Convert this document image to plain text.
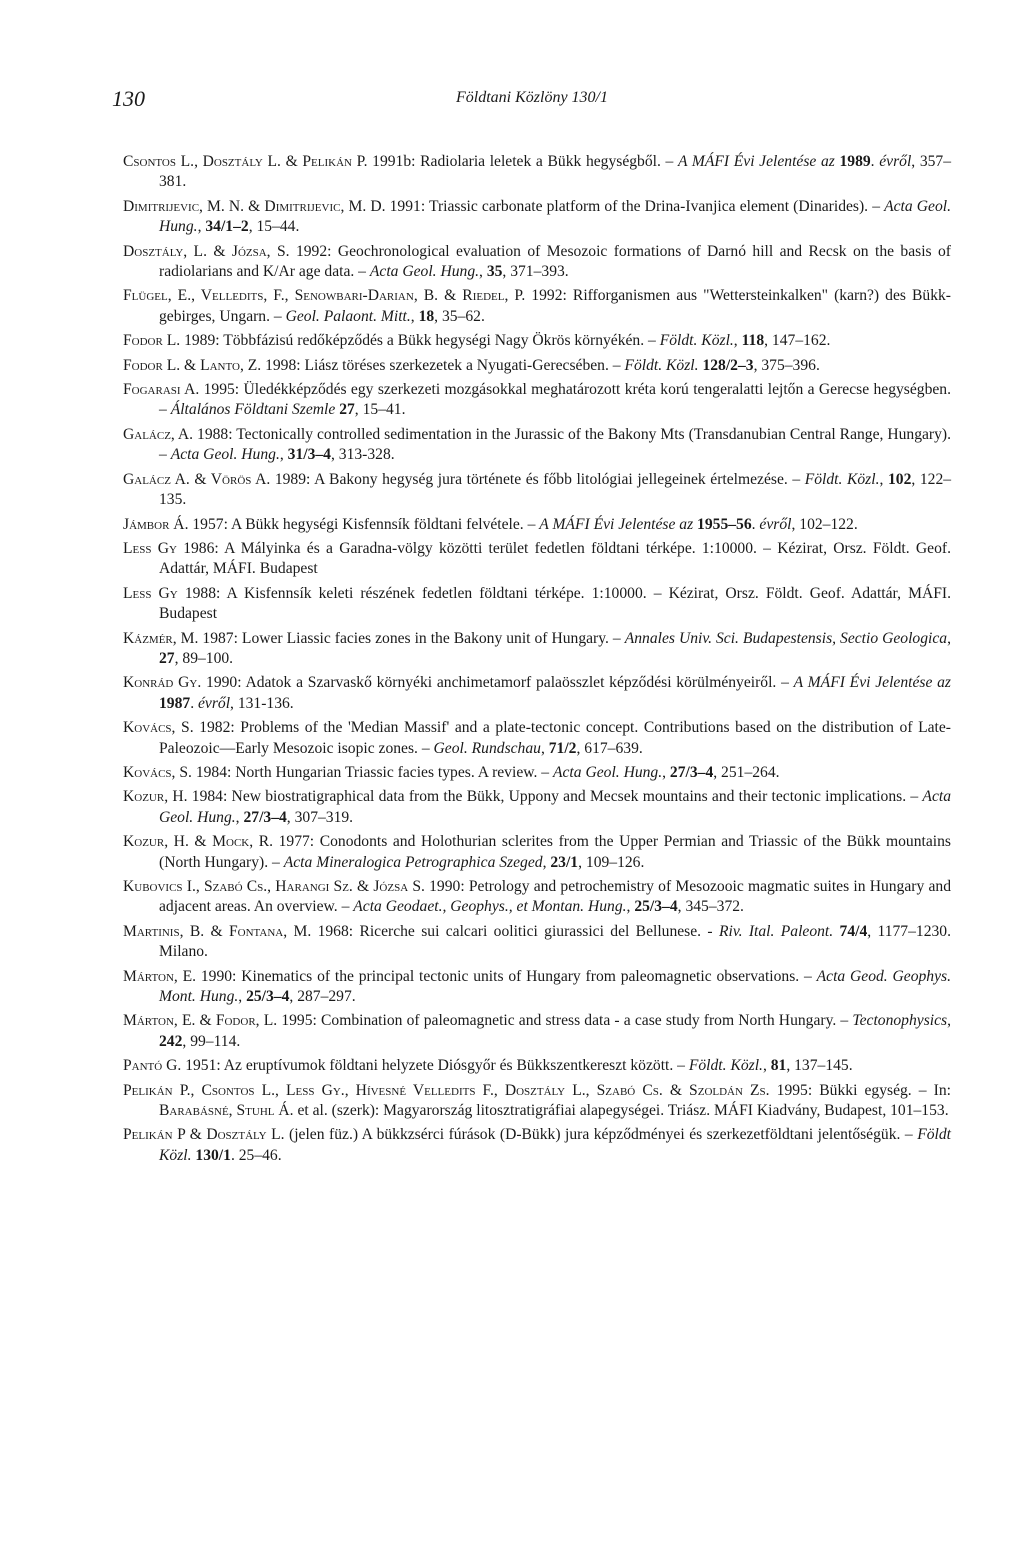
130	Földtani Közlöny 130/1

Csontos L., Dosztály L. & Pelikán P. 1991b: Radiolaria leletek a Bükk hegységből. – A MÁFI Évi Jelentése az 1989. évről, 357–381.

Dimitrijevic, M. N. & Dimitrijevic, M. D. 1991: Triassic carbonate platform of the Drina-Ivanjica element (Dinarides). – Acta Geol. Hung., 34/1–2, 15–44.

Dosztály, L. & Józsa, S. 1992: Geochronological evaluation of Mesozoic formations of Darnó hill and Recsk on the basis of radiolarians and K/Ar age data. – Acta Geol. Hung., 35, 371–393.

Flügel, E., Velledits, F., Senowbari-Darian, B. & Riedel, P. 1992: Rifforganismen aus "Wettersteinkalken" (karn?) des Bükk-gebirges, Ungarn. – Geol. Palaont. Mitt., 18, 35–62.

Fodor L. 1989: Többfázisú redőképződés a Bükk hegységi Nagy Ökrös környékén. – Földt. Közl., 118, 147–162.

Fodor L. & Lanto, Z. 1998: Liász töréses szerkezetek a Nyugati-Gerecsében. – Földt. Közl. 128/2–3, 375–396.

Fogarasi A. 1995: Üledékképződés egy szerkezeti mozgásokkal meghatározott kréta korú tengeralatti lejtőn a Gerecse hegységben. – Általános Földtani Szemle 27, 15–41.

Galácz, A. 1988: Tectonically controlled sedimentation in the Jurassic of the Bakony Mts (Transdanubian Central Range, Hungary). – Acta Geol. Hung., 31/3–4, 313-328.

Galácz A. & Vörös A. 1989: A Bakony hegység jura története és főbb litológiai jellegeinek értelmezése. – Földt. Közl., 102, 122–135.

Jámbor Á. 1957: A Bükk hegységi Kisfennsík földtani felvétele. – A MÁFI Évi Jelentése az 1955–56. évről, 102–122.

Less Gy 1986: A Mályinka és a Garadna-völgy közötti terület fedetlen földtani térképe. 1:10000. – Kézirat, Orsz. Földt. Geof. Adattár, MÁFI. Budapest

Less Gy 1988: A Kisfennsík keleti részének fedetlen földtani térképe. 1:10000. – Kézirat, Orsz. Földt. Geof. Adattár, MÁFI. Budapest

Kázmér, M. 1987: Lower Liassic facies zones in the Bakony unit of Hungary. – Annales Univ. Sci. Budapestensis, Sectio Geologica, 27, 89–100.

Konrád Gy. 1990: Adatok a Szarvaskő környéki anchimetamorf palaösszlet képződési körülményeiről. – A MÁFI Évi Jelentése az 1987. évről, 131-136.

Kovács, S. 1982: Problems of the 'Median Massif' and a plate-tectonic concept. Contributions based on the distribution of Late-Paleozoic—Early Mesozoic isopic zones. – Geol. Rundschau, 71/2, 617–639.

Kovács, S. 1984: North Hungarian Triassic facies types. A review. – Acta Geol. Hung., 27/3–4, 251–264.

Kozur, H. 1984: New biostratigraphical data from the Bükk, Uppony and Mecsek mountains and their tectonic implications. – Acta Geol. Hung., 27/3–4, 307–319.

Kozur, H. & Mock, R. 1977: Conodonts and Holothurian sclerites from the Upper Permian and Triassic of the Bükk mountains (North Hungary). – Acta Mineralogica Petrographica Szeged, 23/1, 109–126.

Kubovics I., Szabó Cs., Harangi Sz. & Józsa S. 1990: Petrology and petrochemistry of Mesozooic magmatic suites in Hungary and adjacent areas. An overview. – Acta Geodaet., Geophys., et Montan. Hung., 25/3–4, 345–372.

Martinis, B. & Fontana, M. 1968: Ricerche sui calcari oolitici giurassici del Bellunese. - Riv. Ital. Paleont. 74/4, 1177–1230. Milano.

Márton, E. 1990: Kinematics of the principal tectonic units of Hungary from paleomagnetic observations. – Acta Geod. Geophys. Mont. Hung., 25/3–4, 287–297.

Márton, E. & Fodor, L. 1995: Combination of paleomagnetic and stress data - a case study from North Hungary. – Tectonophysics, 242, 99–114.

Pantó G. 1951: Az eruptívumok földtani helyzete Diósgyőr és Bükkszentkereszt között. – Földt. Közl., 81, 137–145.

Pelikán P., Csontos L., Less Gy., Hívesné Velledits F., Dosztály L., Szabó Cs. & Szoldán Zs. 1995: Bükki egység. – In: Barabásné, Stuhl Á. et al. (szerk): Magyarország litosztratigráfiai alapegységei. Triász. MÁFI Kiadvány, Budapest, 101–153.

Pelikán P & Dosztály L. (jelen füz.) A bükkzsérci fúrások (D-Bükk) jura képződményei és szerkezetföldtani jelentőségük. – Földt Közl. 130/1. 25–46.
